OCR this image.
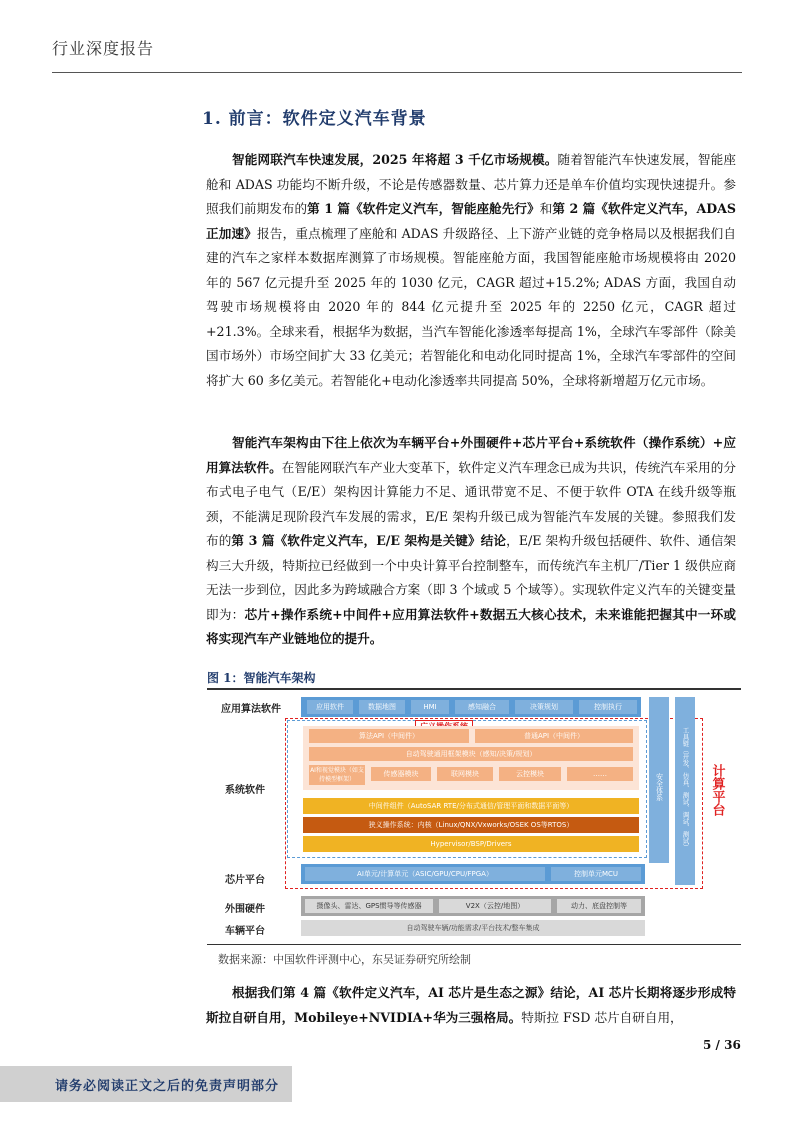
行业深度报告
1. 前言：软件定义汽车背景
智能网联汽车快速发展，2025 年将超 3 千亿市场规模。随着智能汽车快速发展，智能座舱和 ADAS 功能均不断升级，不论是传感器数量、芯片算力还是单车价值均实现快速提升。参照我们前期发布的第 1 篇《软件定义汽车，智能座舱先行》和第 2 篇《软件定义汽车，ADAS 正加速》报告，重点梳理了座舱和 ADAS 升级路径、上下游产业链的竞争格局以及根据我们自建的汽车之家样本数据库测算了市场规模。智能座舱方面，我国智能座舱市场规模将由 2020 年的 567 亿元提升至 2025 年的 1030 亿元，CAGR 超过+15.2%; ADAS 方面，我国自动驾驶市场规模将由 2020 年的 844 亿元提升至 2025 年的 2250 亿元，CAGR 超过+21.3%。全球来看，根据华为数据，当汽车智能化渗透率每提高 1%，全球汽车零部件（除美国市场外）市场空间扩大 33 亿美元；若智能化和电动化同时提高 1%，全球汽车零部件的空间将扩大 60 多亿美元。若智能化+电动化渗透率共同提高 50%，全球将新增超万亿元市场。
智能汽车架构由下往上依次为车辆平台+外围硬件+芯片平台+系统软件（操作系统）+应用算法软件。在智能网联汽车产业大变革下，软件定义汽车理念已成为共识，传统汽车采用的分布式电子电气（E/E）架构因计算能力不足、通讯带宽不足、不便于软件 OTA 在线升级等瓶颈，不能满足现阶段汽车发展的需求，E/E 架构升级已成为智能汽车发展的关键。参照我们发布的第 3 篇《软件定义汽车，E/E 架构是关键》结论，E/E 架构升级包括硬件、软件、通信架构三大升级，特斯拉已经做到一个中央计算平台控制整车，而传统汽车主机厂/Tier 1 级供应商无法一步到位，因此多为跨域融合方案（即 3 个域或 5 个域等）。实现软件定义汽车的关键变量即为：芯片+操作系统+中间件+应用算法软件+数据五大核心技术，未来谁能把握其中一环或将实现汽车产业链地位的提升。
图 1：智能汽车架构
应用算法软件
系统软件
芯片平台
外围硬件
车辆平台
应用软件	数据地图	HMI	感知融合	决策规划	控制执行
算法API（中间件）	普通API（中间件）
自动驾驶通用框架模块（感知/决策/规划）
AI和视觉模块（如支持模型框架）
传感器模块	联网模块	云控模块	……
中间件组件（AutoSAR RTE/分布式通信/管理平面和数据平面等）
狭义操作系统：内核（Linux/QNX/Vxworks/OSEK OS等RTOS）
Hypervisor/BSP/Drivers
AI单元/计算单元（ASIC/GPU/CPU/FPGA）	控制单元MCU
安全体系	工具链（开发、仿真、测试、调试、测试） 计算平台
摄像头、雷达、GPS惯导等传感器	V2X（云控/地图）	动力、底盘控制等
自动驾驶车辆/功能需求/平台技术/整车集成
数据来源：中国软件评测中心，东吴证券研究所绘制
根据我们第 4 篇《软件定义汽车，AI 芯片是生态之源》结论，AI 芯片长期将逐步形成特斯拉自研自用，Mobileye+NVIDIA+华为三强格局。特斯拉 FSD 芯片自研自用，
5 / 36
请务必阅读正文之后的免责声明部分
